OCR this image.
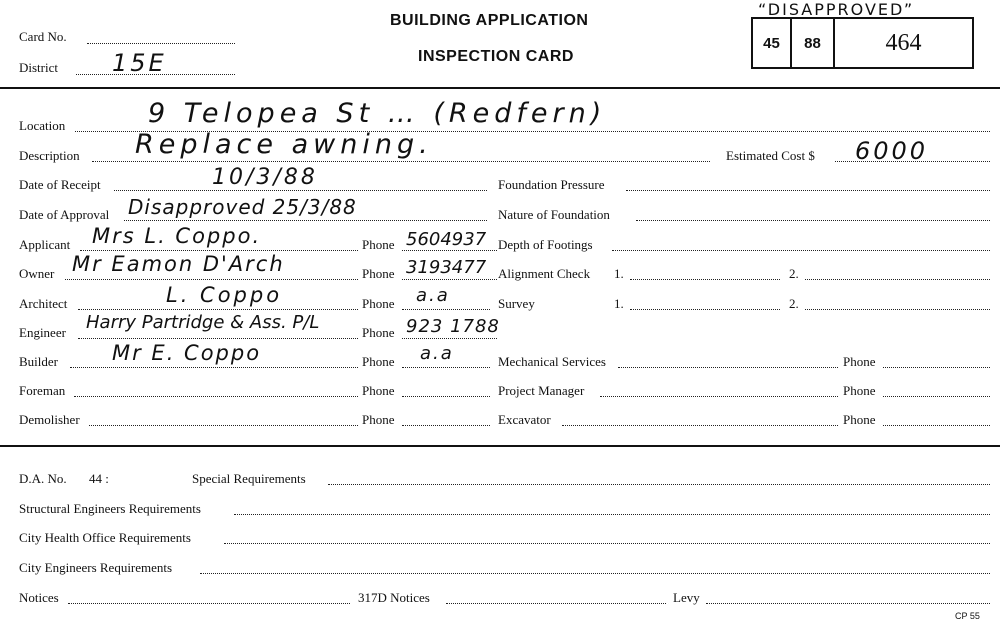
Card No.
District 15E
BUILDING APPLICATION
INSPECTION CARD
“DISAPPROVED”
45	88	464
Location	9 Telopea St … (Redfern)
Description Replace awning.	Estimated Cost $ 6000
Date of Receipt	10/3/88	Foundation Pressure
Date of Approval Disapproved 25/3/88	Nature of Foundation
Applicant Mrs L. Coppo.	Phone 5604937 Depth of Footings
Owner Mr Eamon D'Arch	Phone 3193477 Alignment Check 1.	2.
Architect	L. Coppo	Phone a.a	Survey	1.	2.
Engineer Harry Partridge & Ass. P/L	Phone 923 1788
Builder	Mr E. Coppo	Phone a.a	Mechanical Services	Phone
Foreman	Phone	Project Manager	Phone
Demolisher	Phone	Excavator	Phone
D.A. No. 44 :	Special Requirements
Structural Engineers Requirements
City Health Office Requirements
City Engineers Requirements
Notices	317D Notices	Levy
CP 55
